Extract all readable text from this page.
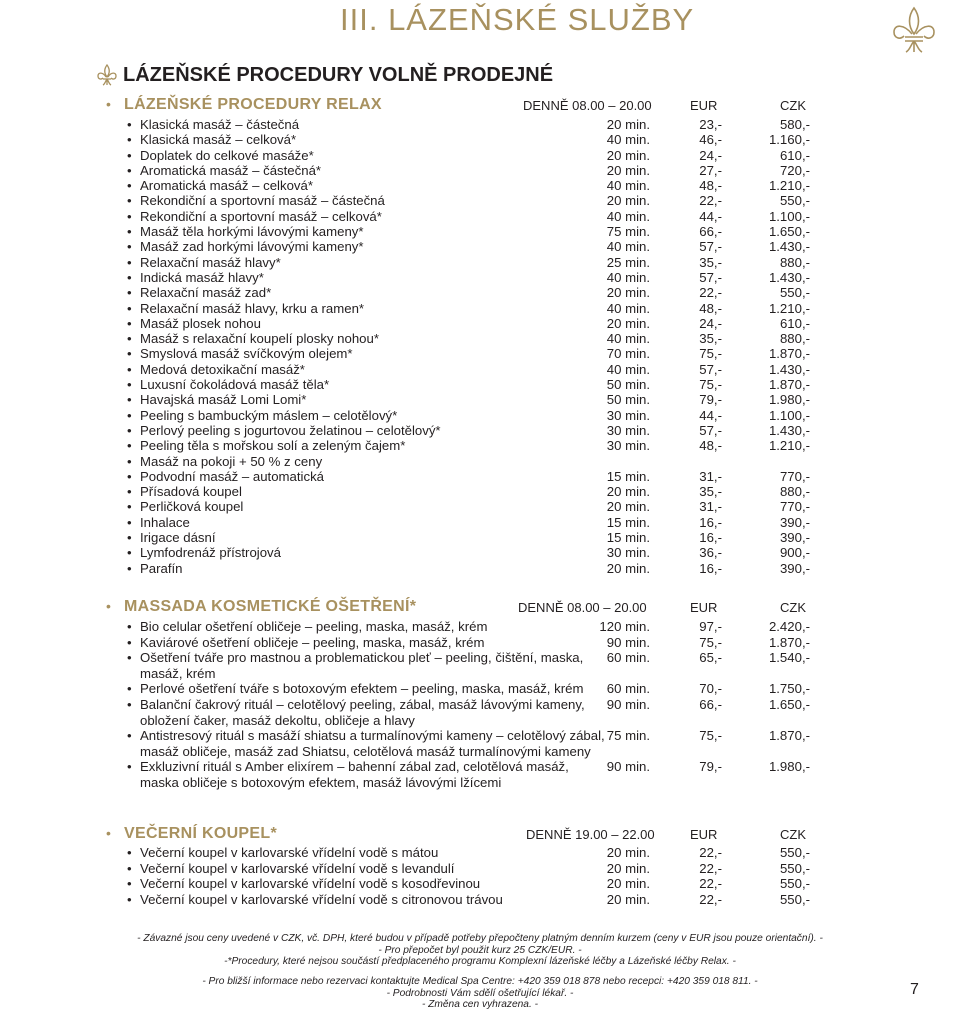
III. LÁZEŇSKÉ SLUŽBY
LÁZEŇSKÉ PROCEDURY VOLNĚ PRODEJNÉ
• LÁZEŇSKÉ PROCEDURY RELAX	DENNĚ 08.00 – 20.00	EUR	CZK
• Klasická masáž – částečná	20 min.	23,-	580,-
• Klasická masáž – celková*	40 min.	46,-	1.160,-
• Doplatek do celkové masáže*	20 min.	24,-	610,-
• Aromatická masáž – částečná*	20 min.	27,-	720,-
• Aromatická masáž – celková*	40 min.	48,-	1.210,-
• Rekondiční a sportovní masáž – částečná	20 min.	22,-	550,-
• Rekondiční a sportovní masáž – celková*	40 min.	44,-	1.100,-
• Masáž těla horkými lávovými kameny*	75 min.	66,-	1.650,-
• Masáž zad horkými lávovými kameny*	40 min.	57,-	1.430,-
• Relaxační masáž hlavy*	25 min.	35,-	880,-
• Indická masáž hlavy*	40 min.	57,-	1.430,-
• Relaxační masáž zad*	20 min.	22,-	550,-
• Relaxační masáž hlavy, krku a ramen*	40 min.	48,-	1.210,-
• Masáž plosek nohou	20 min.	24,-	610,-
• Masáž s relaxační koupelí plosky nohou*	40 min.	35,-	880,-
• Smyslová masáž svíčkovým olejem*	70 min.	75,-	1.870,-
• Medová detoxikační masáž*	40 min.	57,-	1.430,-
• Luxusní čokoládová masáž těla*	50 min.	75,-	1.870,-
• Havajská masáž Lomi Lomi*	50 min.	79,-	1.980,-
• Peeling s bambuckým máslem – celotělový*	30 min.	44,-	1.100,-
• Perlový peeling s jogurtovou želatinou – celotělový*	30 min.	57,-	1.430,-
• Peeling těla s mořskou solí a zeleným čajem*	30 min.	48,-	1.210,-
• Masáž na pokoji + 50 % z ceny
• Podvodní masáž – automatická	15 min.	31,-	770,-
• Přísadová koupel	20 min.	35,-	880,-
• Perličková koupel	20 min.	31,-	770,-
• Inhalace	15 min.	16,-	390,-
• Irigace dásní	15 min.	16,-	390,-
• Lymfodrenáž přístrojová	30 min.	36,-	900,-
• Parafín	20 min.	16,-	390,-
• MASSADA KOSMETICKÉ OŠETŘENÍ*	DENNĚ 08.00 – 20.00	EUR	CZK
• Bio celular ošetření obličeje – peeling, maska, masáž, krém	120 min.	97,-	2.420,-
• Kaviárové ošetření obličeje – peeling, maska, masáž, krém	90 min.	75,-	1.870,-
• Ošetření tváře pro mastnou a problematickou pleť – peeling, čištění, maska, masáž, krém
60 min.	65,-	1.540,-
• Perlové ošetření tváře s botoxovým efektem – peeling, maska, masáž, krém	60 min.	70,-	1.750,-
• Balanční čakrový rituál – celotělový peeling, zábal, masáž lávovými kameny, obložení čaker, masáž dekoltu, obličeje a hlavy
90 min.	66,-	1.650,-
• Antistresový rituál s masáží shiatsu a turmalínovými kameny – celotělový zábal, masáž obličeje, masáž zad Shiatsu, celotělová masáž turmalínovými kameny
75 min.	75,-	1.870,-
• Exkluzivní rituál s Amber elixírem – bahenní zábal zad, celotělová masáž, maska obličeje s botoxovým efektem, masáž lávovými lžícemi
90 min.	79,-	1.980,-
• VEČERNÍ KOUPEL*	DENNĚ 19.00 – 22.00	EUR	CZK
• Večerní koupel v karlovarské vřídelní vodě s mátou	20 min.	22,-	550,-
• Večerní koupel v karlovarské vřídelní vodě s levandulí	20 min.	22,-	550,-
• Večerní koupel v karlovarské vřídelní vodě s kosodřevinou	20 min.	22,-	550,-
• Večerní koupel v karlovarské vřídelní vodě s citronovou trávou	20 min.	22,-	550,-
- Závazné jsou ceny uvedené v CZK, vč. DPH, které budou v případě potřeby přepočteny platným denním kurzem (ceny v EUR jsou pouze orientační). -
- Pro přepočet byl použit kurz 25 CZK/EUR. -
-*Procedury, které nejsou součástí předplaceného programu Komplexní lázeňské léčby a Lázeňské léčby Relax. -
- Pro bližší informace nebo rezervaci kontaktujte Medical Spa Centre: +420 359 018 878 nebo recepci: +420 359 018 811. -
- Podrobnosti Vám sdělí ošetřující lékař. -
- Změna cen vyhrazena. -
7
